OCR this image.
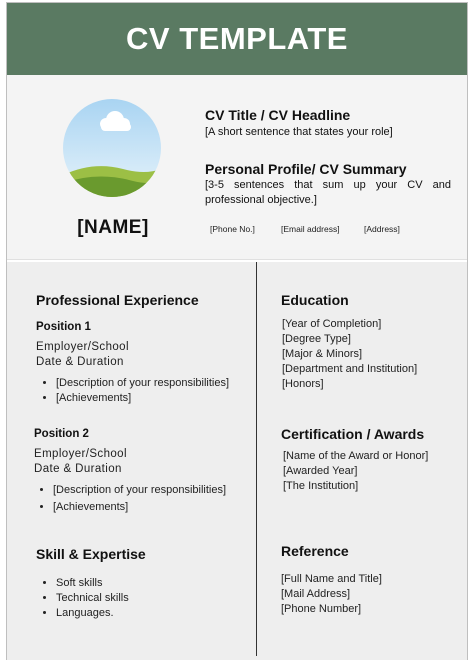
CV TEMPLATE
[NAME]
CV Title / CV Headline
[A short sentence that states your role]
Personal Profile/ CV Summary
[3-5 sentences that sum up your CV and
professional objective.]
[Phone No.]	[Email address]	[Address]
Professional Experience
Position 1
Employer/School
Date & Duration
• [Description of your responsibilities]
• [Achievements]
Position 2
Employer/School
Date & Duration
• [Description of your responsibilities]
• [Achievements]
Skill & Expertise
• Soft skills
• Technical skills
• Languages.
Education
[Year of Completion]
[Degree Type]
[Major & Minors]
[Department and Institution]
[Honors]
Certification / Awards
[Name of the Award or Honor]
[Awarded Year]
[The Institution]
Reference
[Full Name and Title]
[Mail Address]
[Phone Number]
